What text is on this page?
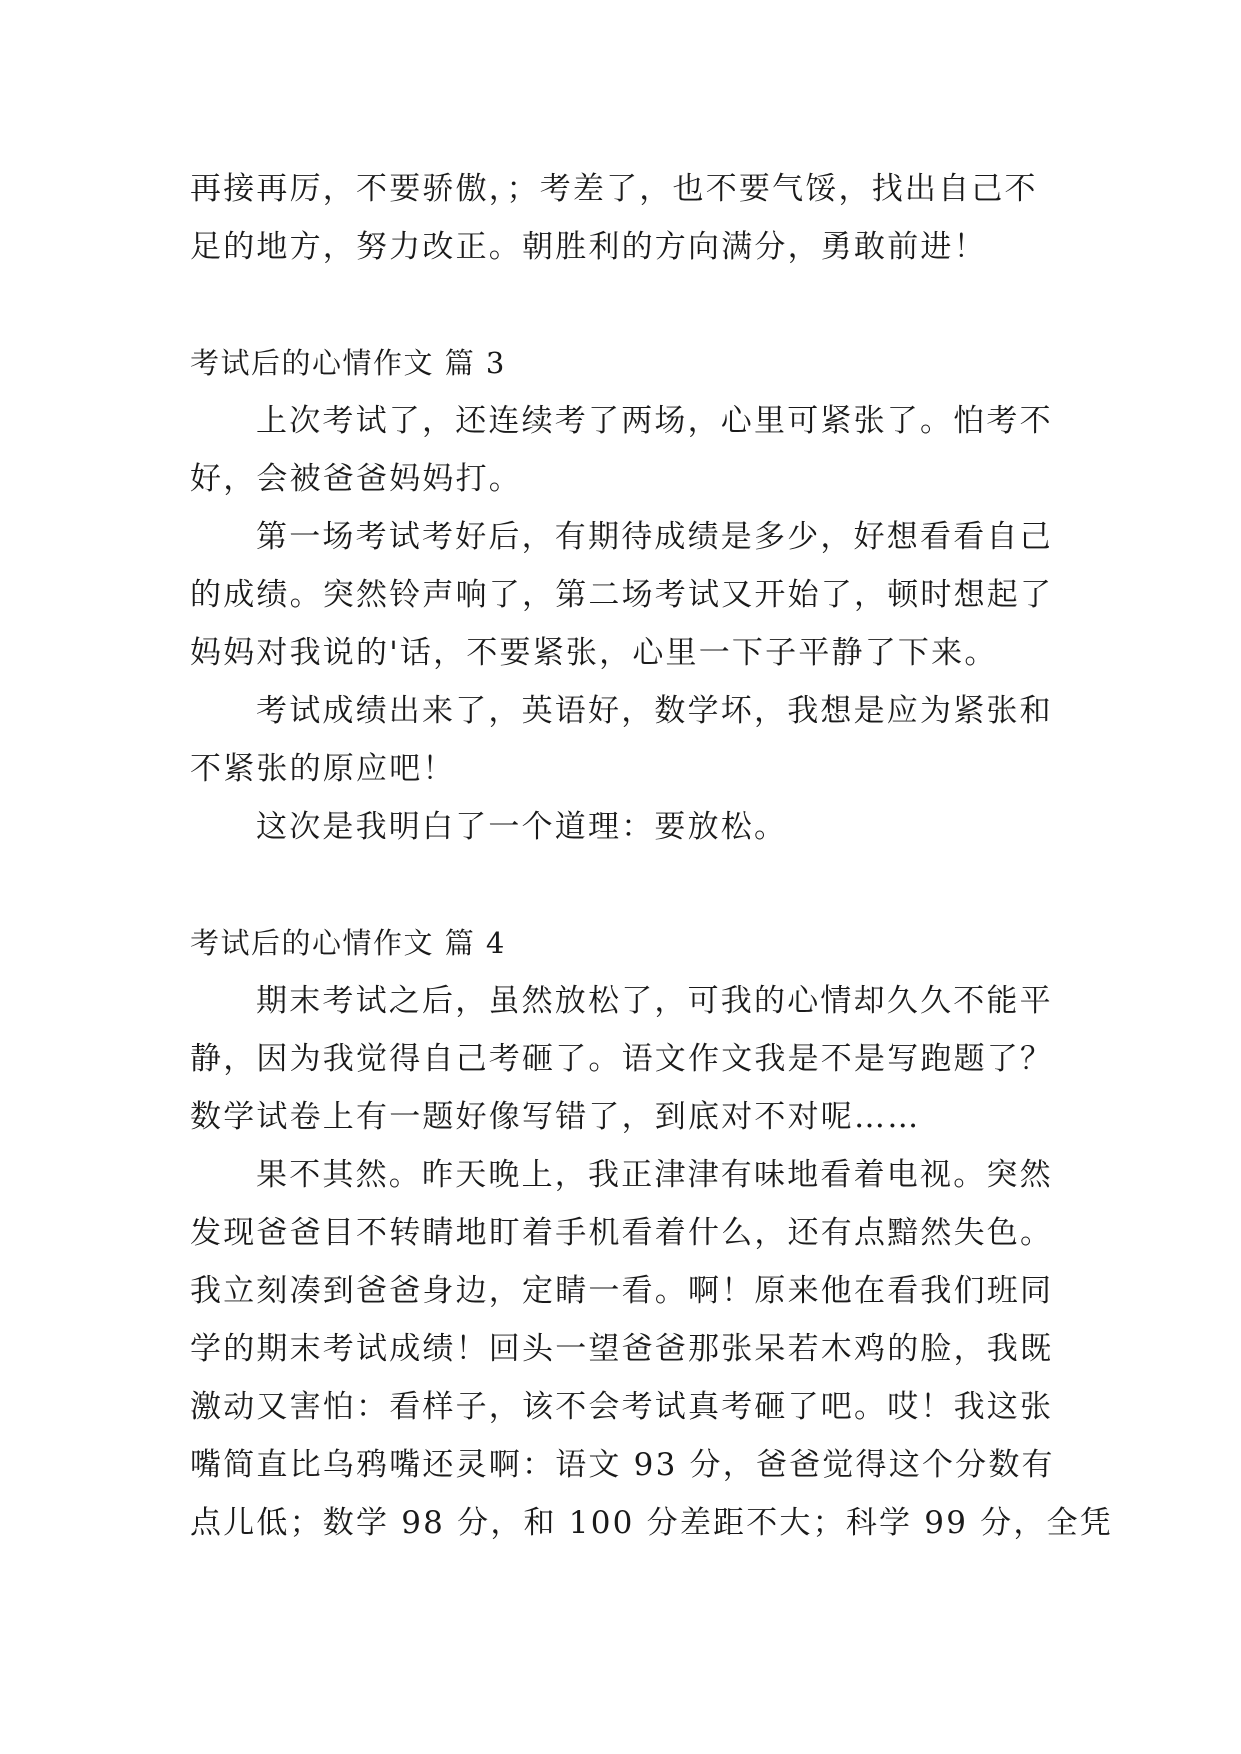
再接再厉，不要骄傲，；考差了，也不要气馁，找出自己不
足的地方，努力改正。朝胜利的方向满分，勇敢前进！
考试后的心情作文 篇 3
上次考试了，还连续考了两场，心里可紧张了。怕考不
好，会被爸爸妈妈打。
第一场考试考好后，有期待成绩是多少，好想看看自己
的成绩。突然铃声响了，第二场考试又开始了，顿时想起了
妈妈对我说的'话，不要紧张，心里一下子平静了下来。
考试成绩出来了，英语好，数学坏，我想是应为紧张和
不紧张的原应吧！
这次是我明白了一个道理：要放松。
考试后的心情作文 篇 4
期末考试之后，虽然放松了，可我的心情却久久不能平
静，因为我觉得自己考砸了。语文作文我是不是写跑题了？
数学试卷上有一题好像写错了，到底对不对呢……
果不其然。昨天晚上，我正津津有味地看着电视。突然
发现爸爸目不转睛地盯着手机看着什么，还有点黯然失色。
我立刻凑到爸爸身边，定睛一看。啊！原来他在看我们班同
学的期末考试成绩！回头一望爸爸那张呆若木鸡的脸，我既
激动又害怕：看样子，该不会考试真考砸了吧。哎！我这张
嘴简直比乌鸦嘴还灵啊：语文 93 分，爸爸觉得这个分数有
点儿低；数学 98 分，和 100 分差距不大；科学 99 分，全凭
